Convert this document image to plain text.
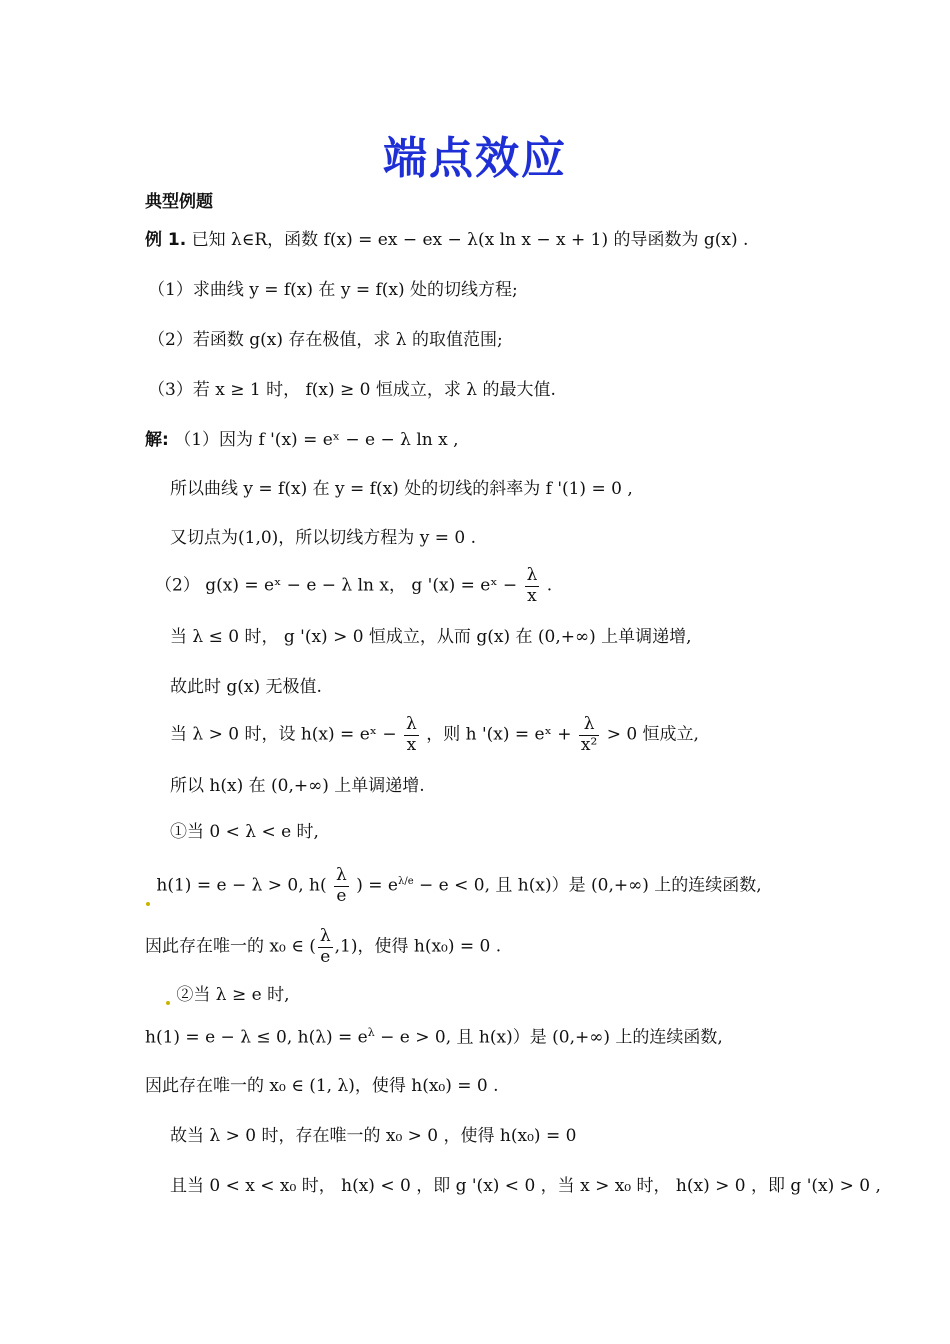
端点效应
典型例题
例 1. 已知 λ∈R，函数 f(x) = ex − ex − λ(x ln x − x + 1) 的导函数为 g(x) .
（1）求曲线 y = f(x) 在 y = f(x) 处的切线方程;
（2）若函数 g(x) 存在极值，求 λ 的取值范围;
（3）若 x ≥ 1 时， f(x) ≥ 0 恒成立，求 λ 的最大值.
解: （1）因为 f '(x) = eˣ − e − λ ln x ,
所以曲线 y = f(x) 在 y = f(x) 处的切线的斜率为 f '(1) = 0 ,
又切点为(1,0)，所以切线方程为 y = 0 .
（2） g(x) = eˣ − e − λ ln x， g '(x) = eˣ − $\frac{\lambda}{x}$ .
当 λ ≤ 0 时， g '(x) > 0 恒成立，从而 g(x) 在 (0,+∞) 上单调递增,
故此时 g(x) 无极值.
当 λ > 0 时，设 h(x) = eˣ − $\frac{\lambda}{x}$ ，则 h '(x) = eˣ + $\frac{\lambda}{\text{x²}} > 0$ 恒成立,
所以 h(x) 在 (0,+∞) 上单调递增.
①当 0 < λ < e 时,
h(1) = e − λ > 0, $h( \frac{\lambda}{e}$ ) = $e^{\lambda/e} - e < 0$, 且 h(x)）是 (0,+∞) 上的连续函数,
因此存在唯一的 x₀ ∈ ( $\frac{\lambda}{e} ,1$)，使得 h(x₀) = 0 .
②当 λ ≥ e 时,
h(1) = e − λ ≤ 0, $h(\lambda) = e^\lambda - e > 0$, 且 h(x)）是 (0,+∞) 上的连续函数,
因此存在唯一的 x₀ ∈ (1, λ)，使得 h(x₀) = 0 .
故当 λ > 0 时，存在唯一的 x₀ > 0 ，使得 h(x₀) = 0
且当 0 < x < x₀ 时， h(x) < 0 ，即 g '(x) < 0 ，当 x > x₀ 时， h(x) > 0 ，即 g '(x) > 0 ,
